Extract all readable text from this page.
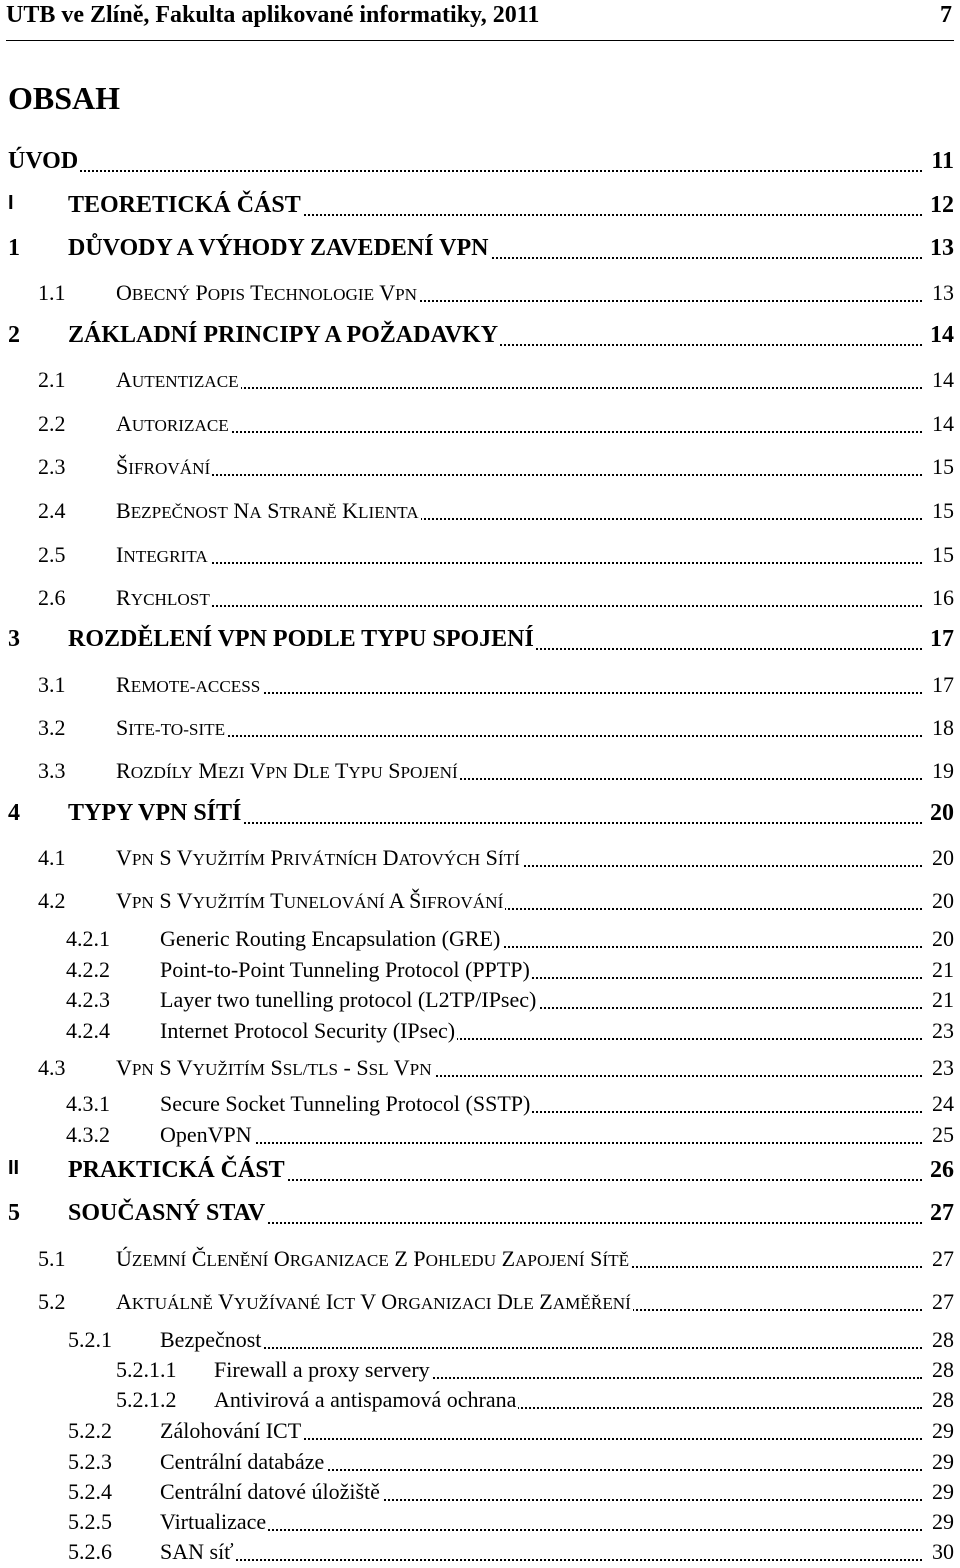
UTB ve Zlíně, Fakulta aplikované informatiky, 2011	7
OBSAH
ÚVOD	11
I TEORETICKÁ ČÁST	12
1 DŮVODY A VÝHODY ZAVEDENÍ VPN	13
1.1 OBECNÝ POPIS TECHNOLOGIE VPN	13
2 ZÁKLADNÍ PRINCIPY A POŽADAVKY	14
2.1 AUTENTIZACE	14
2.2 AUTORIZACE	14
2.3 ŠIFROVÁNÍ	15
2.4 BEZPEČNOST NA STRANĚ KLIENTA	15
2.5 INTEGRITA	15
2.6 RYCHLOST	16
3 ROZDĚLENÍ VPN PODLE TYPU SPOJENÍ	17
3.1 REMOTE-ACCESS	17
3.2 SITE-TO-SITE	18
3.3 ROZDÍLY MEZI VPN DLE TYPU SPOJENÍ	19
4 TYPY VPN SÍTÍ	20
4.1 VPN S VYUŽITÍM PRIVÁTNÍCH DATOVÝCH SÍTÍ	20
4.2 VPN S VYUŽITÍM TUNELOVÁNÍ A ŠIFROVÁNÍ	20
4.2.1 Generic Routing Encapsulation (GRE)	20
4.2.2 Point-to-Point Tunneling Protocol (PPTP)	21
4.2.3 Layer two tunelling protocol (L2TP/IPsec)	21
4.2.4 Internet Protocol Security (IPsec)	23
4.3 VPN S VYUŽITÍM SSL/TLS - SSL VPN	23
4.3.1 Secure Socket Tunneling Protocol (SSTP)	24
4.3.2 OpenVPN	25
II PRAKTICKÁ ČÁST	26
5 SOUČASNÝ STAV	27
5.1 ÚZEMNÍ ČLENĚNÍ ORGANIZACE Z POHLEDU ZAPOJENÍ SÍTĚ	27
5.2 AKTUÁLNĚ VYUŽÍVANÉ ICT V ORGANIZACI DLE ZAMĚŘENÍ	27
5.2.1 Bezpečnost	28
5.2.1.1 Firewall a proxy servery	28
5.2.1.2 Antivirová a antispamová ochrana	28
5.2.2 Zálohování ICT	29
5.2.3 Centrální databáze	29
5.2.4 Centrální datové úložiště	29
5.2.5 Virtualizace	29
5.2.6 SAN síť	30
